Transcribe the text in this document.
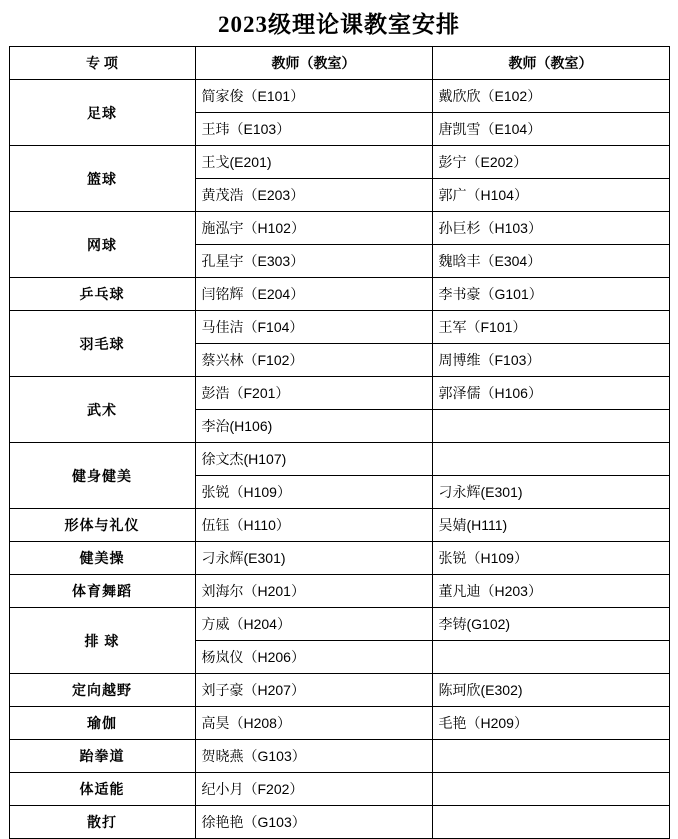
2023级理论课教室安排
专 项	教师（教室）	教师（教室）
足球	简家俊（E101）	戴欣欣（E102）
	王玮（E103）	唐凯雪（E104）
篮球	王戈(E201)	彭宁（E202）
	黄茂浩（E203）	郭广（H104）
网球	施泓宇（H102）	孙巨杉（H103）
	孔星宇（E303）	魏晗丰（E304）
乒乓球	闫铭辉（E204）	李书豪（G101）
羽毛球	马佳洁（F104）	王军（F101）
	蔡兴林（F102）	周博维（F103）
武术	彭浩（F201）	郭泽儒（H106）
	李治(H106)	
健身健美	徐文杰(H107)	
	张锐（H109）	刁永辉(E301)
形体与礼仪	伍钰（H110）	吴婧(H111)
健美操	刁永辉(E301)	张锐（H109）
体育舞蹈	刘海尔（H201）	董凡迪（H203）
排 球	方威（H204）	李铸(G102)
	杨岚仪（H206）	
定向越野	刘子豪（H207）	陈珂欣(E302)
瑜伽	高昊（H208）	毛艳（H209）
跆拳道	贺晓燕（G103）	
体适能	纪小月（F202）	
散打	徐艳艳（G103）	
